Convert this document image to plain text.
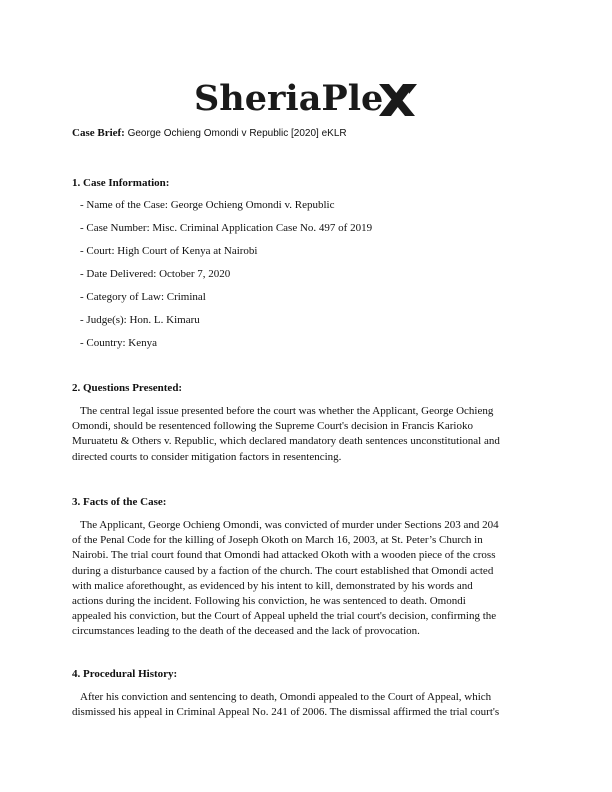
SheriaPle
Case Brief: George Ochieng Omondi v Republic [2020] eKLR
1. Case Information:
- Name of the Case: George Ochieng Omondi v. Republic
- Case Number: Misc. Criminal Application Case No. 497 of 2019
- Court: High Court of Kenya at Nairobi
- Date Delivered: October 7, 2020
- Category of Law: Criminal
- Judge(s): Hon. L. Kimaru
- Country: Kenya
2. Questions Presented:
The central legal issue presented before the court was whether the Applicant, George Ochieng
Omondi, should be resentenced following the Supreme Court's decision in Francis Karioko
Muruatetu & Others v. Republic, which declared mandatory death sentences unconstitutional and
directed courts to consider mitigation factors in resentencing.
3. Facts of the Case:
The Applicant, George Ochieng Omondi, was convicted of murder under Sections 203 and 204
of the Penal Code for the killing of Joseph Okoth on March 16, 2003, at St. Peter’s Church in
Nairobi. The trial court found that Omondi had attacked Okoth with a wooden piece of the cross
during a disturbance caused by a faction of the church. The court established that Omondi acted
with malice aforethought, as evidenced by his intent to kill, demonstrated by his words and
actions during the incident. Following his conviction, he was sentenced to death. Omondi
appealed his conviction, but the Court of Appeal upheld the trial court's decision, confirming the
circumstances leading to the death of the deceased and the lack of provocation.
4. Procedural History:
After his conviction and sentencing to death, Omondi appealed to the Court of Appeal, which
dismissed his appeal in Criminal Appeal No. 241 of 2006. The dismissal affirmed the trial court's
